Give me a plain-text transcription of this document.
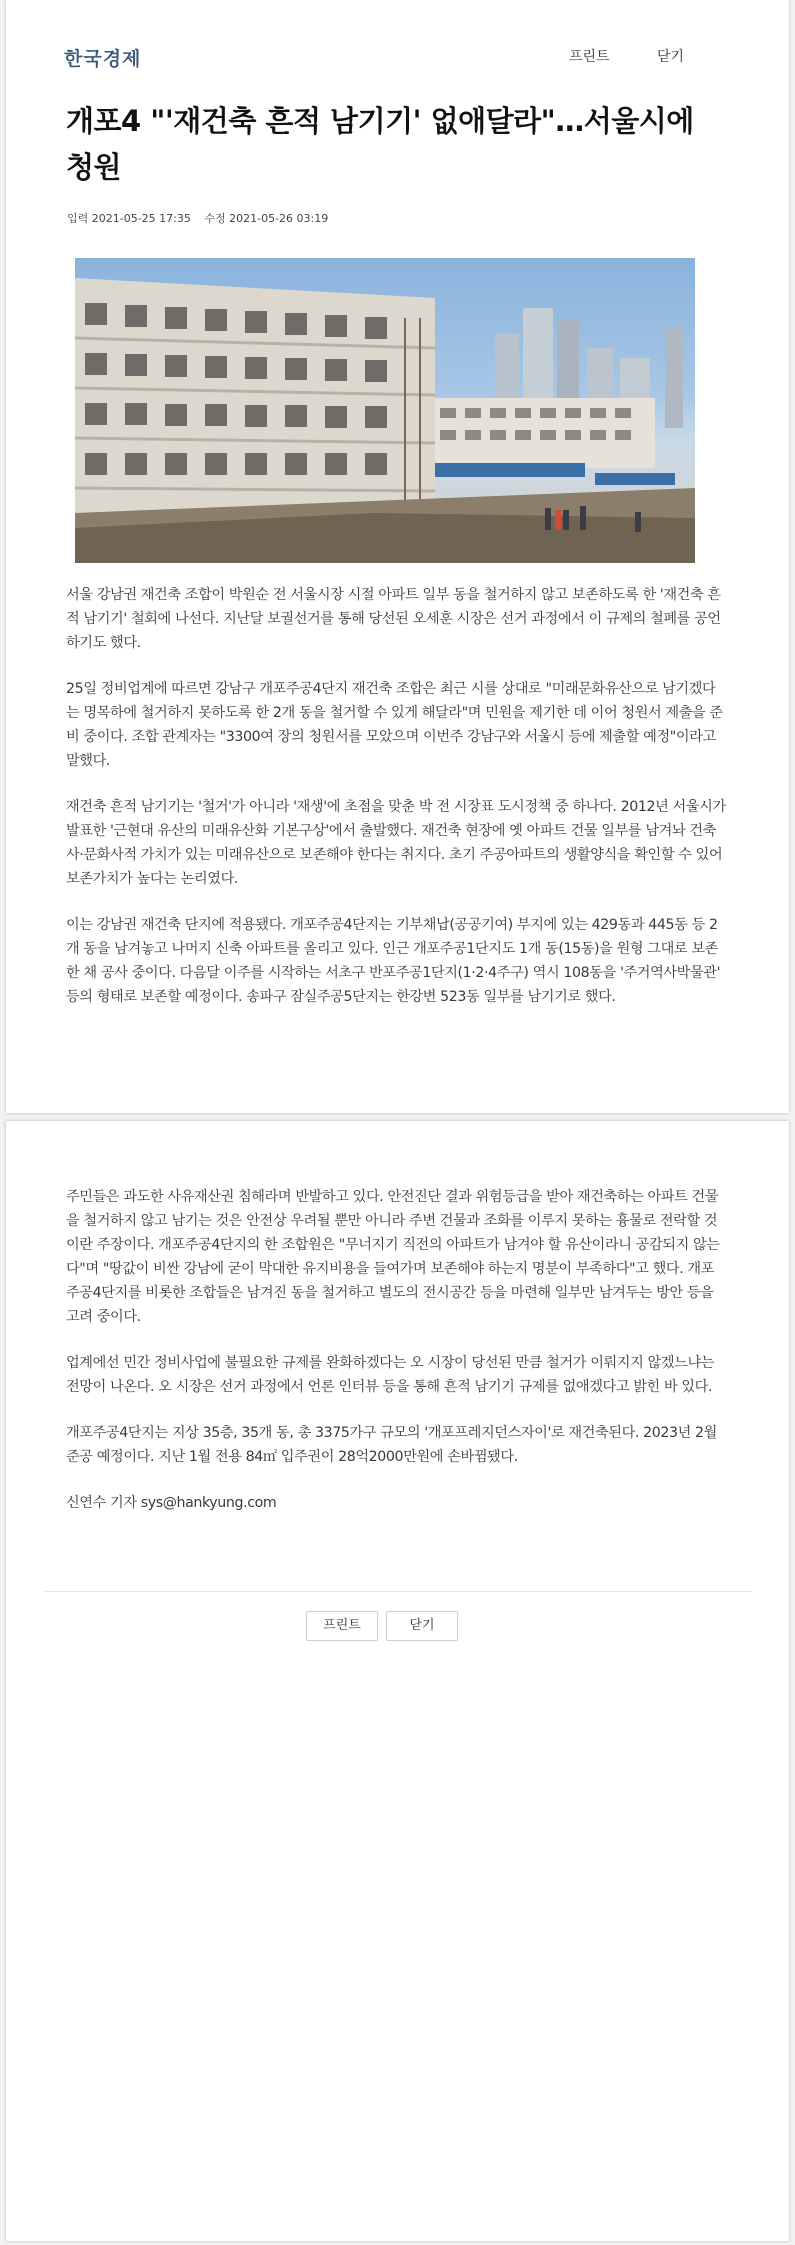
한국경제	프린트	닫기
개포4 "'재건축 흔적 남기기' 없애달라"…서울시에 청원
입력 2021-05-25 17:35 수정 2021-05-26 03:19

서울 강남권 재건축 조합이 박원순 전 서울시장 시절 아파트 일부 동을 철거하지 않고 보존하도록 한 '재건축 흔적 남기기' 철회에 나선다. 지난달 보궐선거를 통해 당선된 오세훈 시장은 선거 과정에서 이 규제의 철폐를 공언하기도 했다.

25일 정비업계에 따르면 강남구 개포주공4단지 재건축 조합은 최근 시를 상대로 "미래문화유산으로 남기겠다는 명목하에 철거하지 못하도록 한 2개 동을 철거할 수 있게 해달라"며 민원을 제기한 데 이어 청원서 제출을 준비 중이다. 조합 관계자는 "3300여 장의 청원서를 모았으며 이번주 강남구와 서울시 등에 제출할 예정"이라고 말했다.

재건축 흔적 남기기는 '철거'가 아니라 '재생'에 초점을 맞춘 박 전 시장표 도시정책 중 하나다. 2012년 서울시가 발표한 '근현대 유산의 미래유산화 기본구상'에서 출발했다. 재건축 현장에 옛 아파트 건물 일부를 남겨놔 건축사·문화사적 가치가 있는 미래유산으로 보존해야 한다는 취지다. 초기 주공아파트의 생활양식을 확인할 수 있어 보존가치가 높다는 논리였다.

이는 강남권 재건축 단지에 적용됐다. 개포주공4단지는 기부채납(공공기여) 부지에 있는 429동과 445동 등 2개 동을 남겨놓고 나머지 신축 아파트를 올리고 있다. 인근 개포주공1단지도 1개 동(15동)을 원형 그대로 보존한 채 공사 중이다. 다음달 이주를 시작하는 서초구 반포주공1단지(1·2·4주구) 역시 108동을 '주거역사박물관' 등의 형태로 보존할 예정이다. 송파구 잠실주공5단지는 한강변 523동 일부를 남기기로 했다.

주민들은 과도한 사유재산권 침해라며 반발하고 있다. 안전진단 결과 위험등급을 받아 재건축하는 아파트 건물을 철거하지 않고 남기는 것은 안전상 우려될 뿐만 아니라 주변 건물과 조화를 이루지 못하는 흉물로 전락할 것이란 주장이다. 개포주공4단지의 한 조합원은 "무너지기 직전의 아파트가 남겨야 할 유산이라니 공감되지 않는다"며 "땅값이 비싼 강남에 굳이 막대한 유지비용을 들여가며 보존해야 하는지 명분이 부족하다"고 했다. 개포주공4단지를 비롯한 조합들은 남겨진 동을 철거하고 별도의 전시공간 등을 마련해 일부만 남겨두는 방안 등을 고려 중이다.

업계에선 민간 정비사업에 불필요한 규제를 완화하겠다는 오 시장이 당선된 만큼 철거가 이뤄지지 않겠느냐는 전망이 나온다. 오 시장은 선거 과정에서 언론 인터뷰 등을 통해 흔적 남기기 규제를 없애겠다고 밝힌 바 있다.

개포주공4단지는 지상 35층, 35개 동, 총 3375가구 규모의 '개포프레지던스자이'로 재건축된다. 2023년 2월 준공 예정이다. 지난 1월 전용 84㎡ 입주권이 28억2000만원에 손바뀜됐다.

신연수 기자 sys@hankyung.com

프린트	닫기
